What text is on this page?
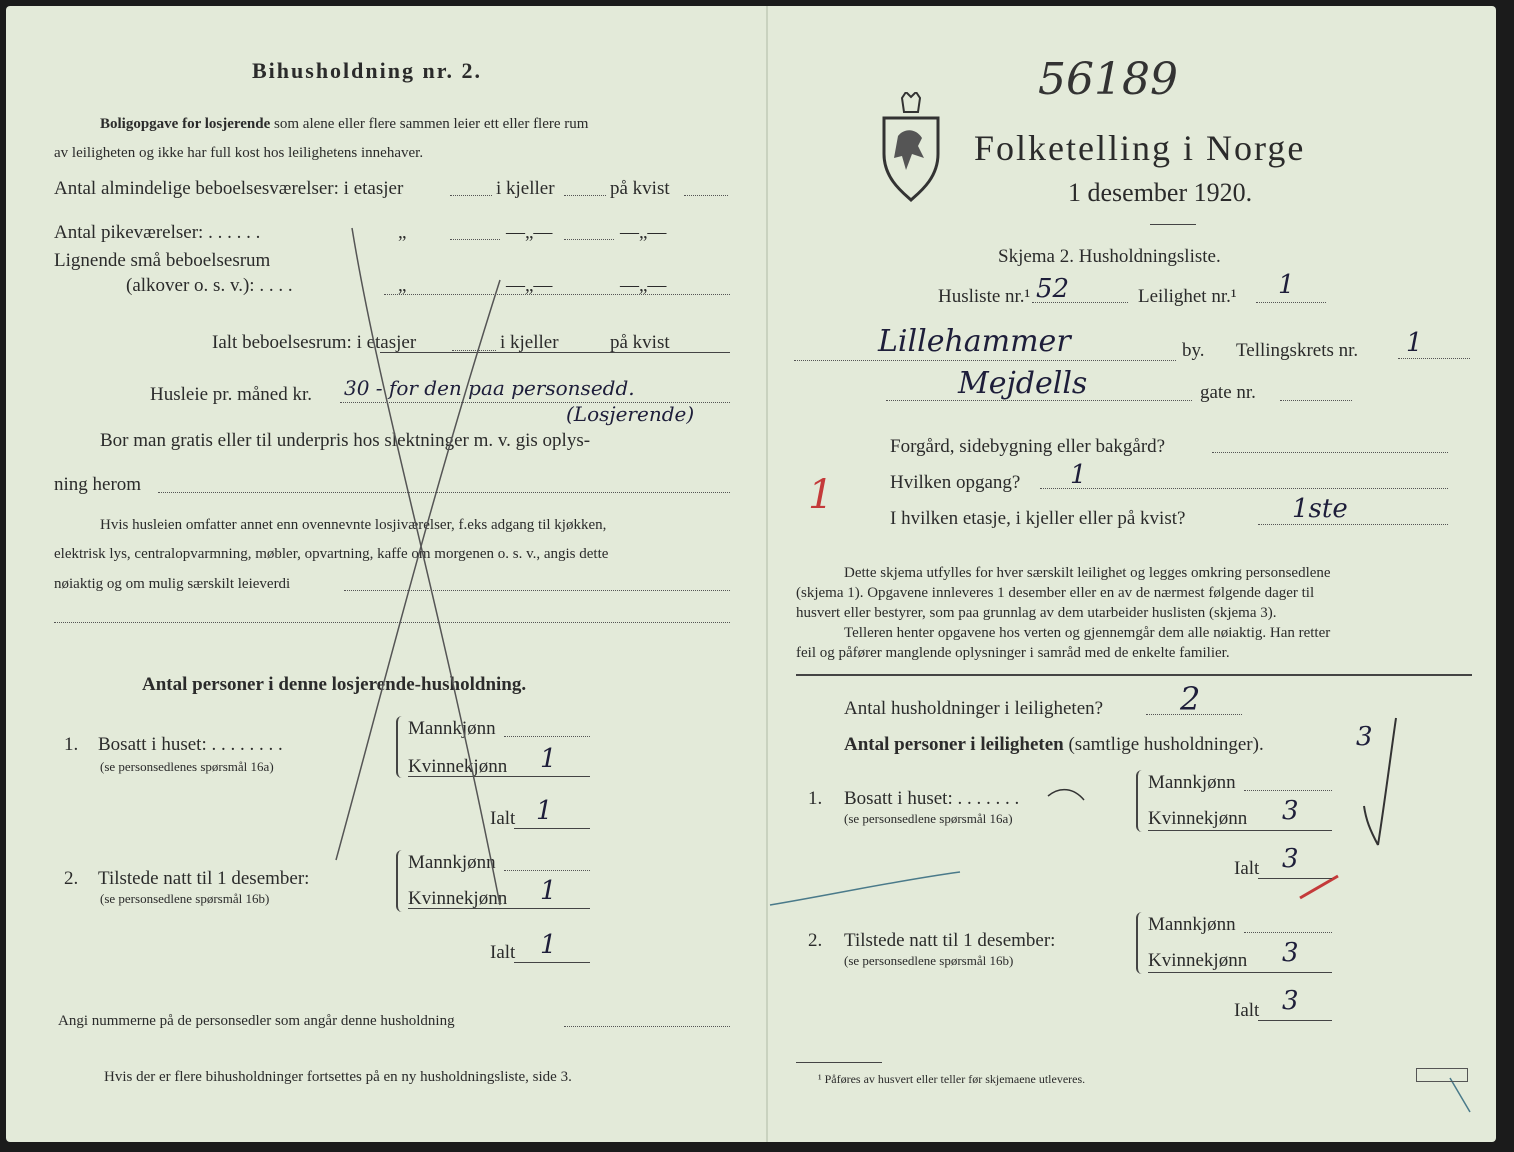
Bihusholdning nr. 2.
Boligopgave for losjerende som alene eller flere sammen leier ett eller flere rum
av leiligheten og ikke har full kost hos leilighetens innehaver.
Antal almindelige beboelsesværelser: i etasjer	i kjeller	på kvist
Antal pikeværelser: . . . . . .	„	—„—	—„—
Lignende små beboelsesrum
(alkover o. s. v.): . . . .	„	—„—	—„—
Ialt beboelsesrum: i etasjer	i kjeller	på kvist
Husleie pr. måned kr. 30 - for den paa personsedd.
(Losjerende)
Bor man gratis eller til underpris hos slektninger m. v. gis oplys-
ning herom
Hvis husleien omfatter annet enn ovennevnte losjiværelser, f.eks adgang til kjøkken,
elektrisk lys, centralopvarmning, møbler, opvartning, kaffe om morgenen o. s. v., angis dette
nøiaktig og om mulig særskilt leieverdi
Antal personer i denne losjerende-husholdning.
1. Bosatt i huset: . . . . . . . .
(se personsedlenes spørsmål 16a)
Mannkjønn
Kvinnekjønn 1
Ialt 1
2. Tilstede natt til 1 desember:
(se personsedlene spørsmål 16b)
Mannkjønn
Kvinnekjønn 1
Ialt 1
Angi nummerne på de personsedler som angår denne husholdning
Hvis der er flere bihusholdninger fortsettes på en ny husholdningsliste, side 3.
56189
Folketelling i Norge
1 desember 1920.
Skjema 2. Husholdningsliste.
Husliste nr.¹ 52	Leilighet nr.¹ 1
Lillehammer	by. Tellingskrets nr. 1
Mejdells	gate nr.
Forgård, sidebygning eller bakgård?
Hvilken opgang? 1
1
I hvilken etasje, i kjeller eller på kvist?	1ste
Dette skjema utfylles for hver særskilt leilighet og legges omkring personsedlene
(skjema 1). Opgavene innleveres 1 desember eller en av de nærmest følgende dager til
husvert eller bestyrer, som paa grunnlag av dem utarbeider huslisten (skjema 3).
Telleren henter opgavene hos verten og gjennemgår dem alle nøiaktig. Han retter
feil og påfører manglende oplysninger i samråd med de enkelte familier.
Antal husholdninger i leiligheten? 2
Antal personer i leiligheten (samtlige husholdninger).	3
1. Bosatt i huset: . . . . . . .
(se personsedlene spørsmål 16a)
Mannkjønn
Kvinnekjønn 3
Ialt 3
2. Tilstede natt til 1 desember:
(se personsedlene spørsmål 16b)
Mannkjønn
Kvinnekjønn 3
Ialt 3
¹ Påføres av husvert eller teller før skjemaene utleveres.
